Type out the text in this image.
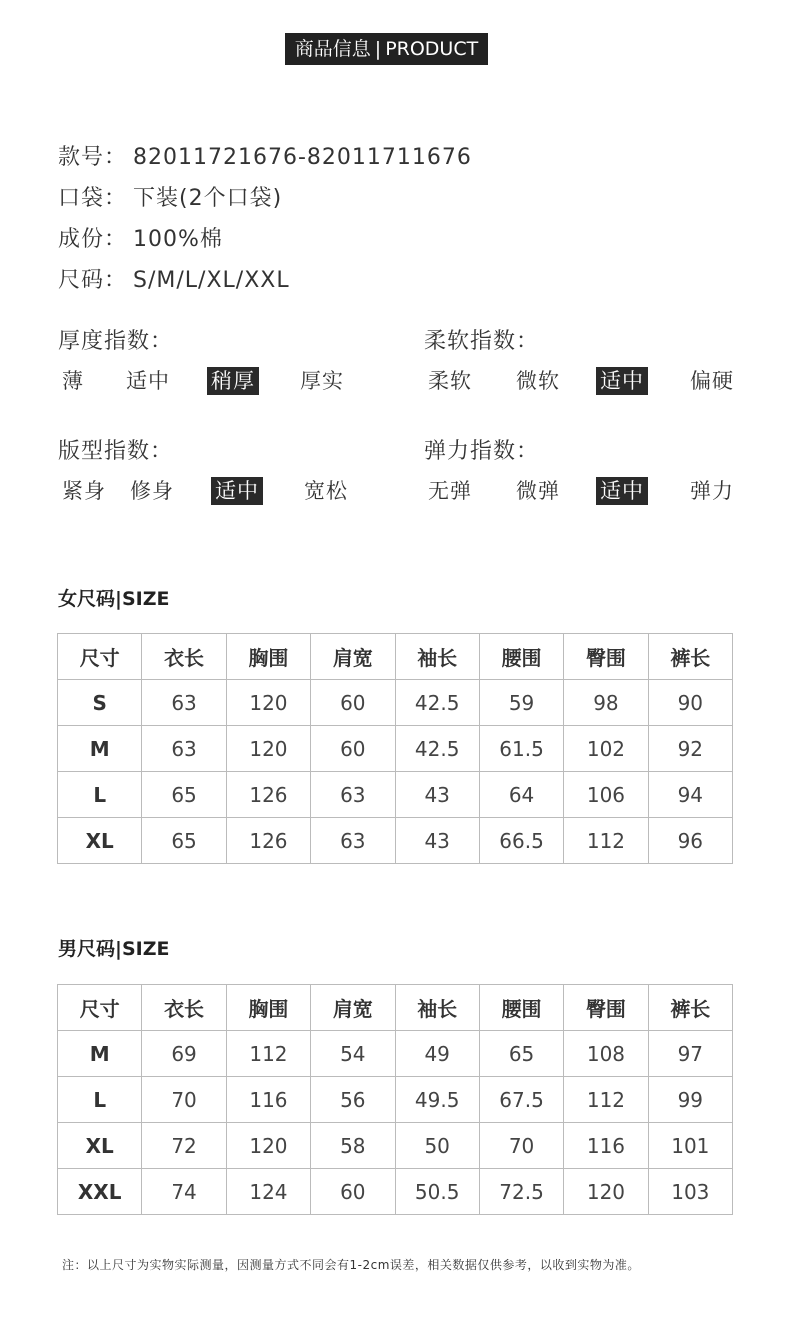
商品信息 | PRODUCT
款号： 82011721676-82011711676
口袋： 下装(2个口袋)
成份： 100%棉
尺码： S/M/L/XL/XXL
厚度指数：
薄 适中 稍厚 厚实
柔软指数：
柔软 微软 适中 偏硬
版型指数：
紧身 修身 适中 宽松
弹力指数：
无弹 微弹 适中 弹力
女尺码|SIZE
尺寸	衣长	胸围	肩宽	袖长	腰围	臀围	裤长
S	63	120	60	42.5	59	98	90
M	63	120	60	42.5	61.5	102	92
L	65	126	63	43	64	106	94
XL	65	126	63	43	66.5	112	96
男尺码|SIZE
尺寸	衣长	胸围	肩宽	袖长	腰围	臀围	裤长
M	69	112	54	49	65	108	97
L	70	116	56	49.5	67.5	112	99
XL	72	120	58	50	70	116	101
XXL	74	124	60	50.5	72.5	120	103
注：以上尺寸为实物实际测量，因测量方式不同会有1-2cm误差，相关数据仅供参考，以收到实物为准。
